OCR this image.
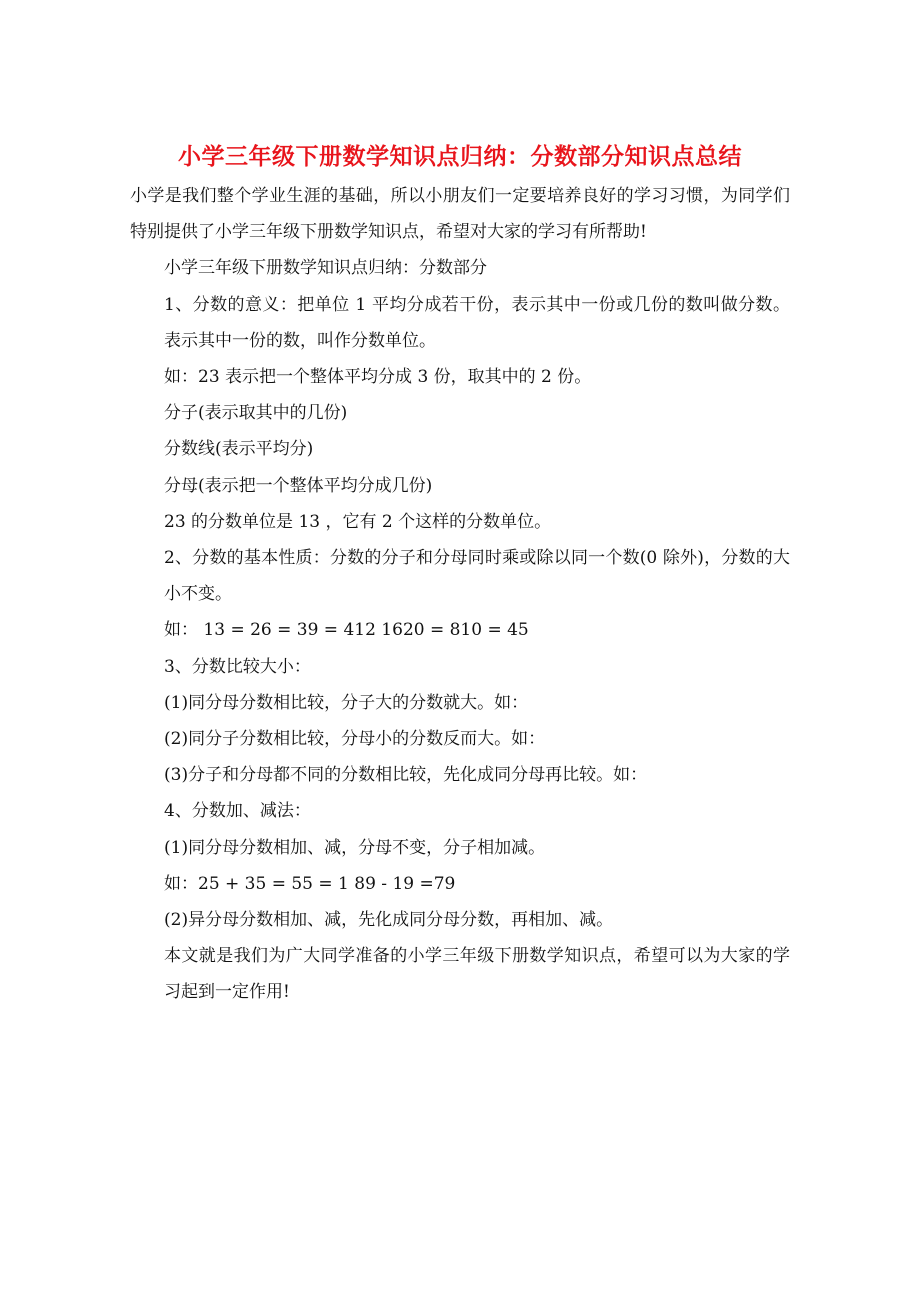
小学三年级下册数学知识点归纳：分数部分知识点总结

小学是我们整个学业生涯的基础，所以小朋友们一定要培养良好的学习习惯，为同学们特别提供了小学三年级下册数学知识点，希望对大家的学习有所帮助!

小学三年级下册数学知识点归纳：分数部分

1、分数的意义：把单位 1 平均分成若干份，表示其中一份或几份的数叫做分数。表示其中一份的数，叫作分数单位。

如：23 表示把一个整体平均分成 3 份，取其中的 2 份。

分子(表示取其中的几份)

分数线(表示平均分)

分母(表示把一个整体平均分成几份)

23 的分数单位是 13 ，它有 2 个这样的分数单位。

2、分数的基本性质：分数的分子和分母同时乘或除以同一个数(0 除外)，分数的大小不变。

如： 13 = 26 = 39 = 412 1620 = 810 = 45

3、分数比较大小：

(1)同分母分数相比较，分子大的分数就大。如：

(2)同分子分数相比较，分母小的分数反而大。如：

(3)分子和分母都不同的分数相比较，先化成同分母再比较。如：

4、分数加、减法：

(1)同分母分数相加、减，分母不变，分子相加减。

如：25 + 35 = 55 = 1 89 - 19 =79

(2)异分母分数相加、减，先化成同分母分数，再相加、减。

本文就是我们为广大同学准备的小学三年级下册数学知识点，希望可以为大家的学习起到一定作用!
